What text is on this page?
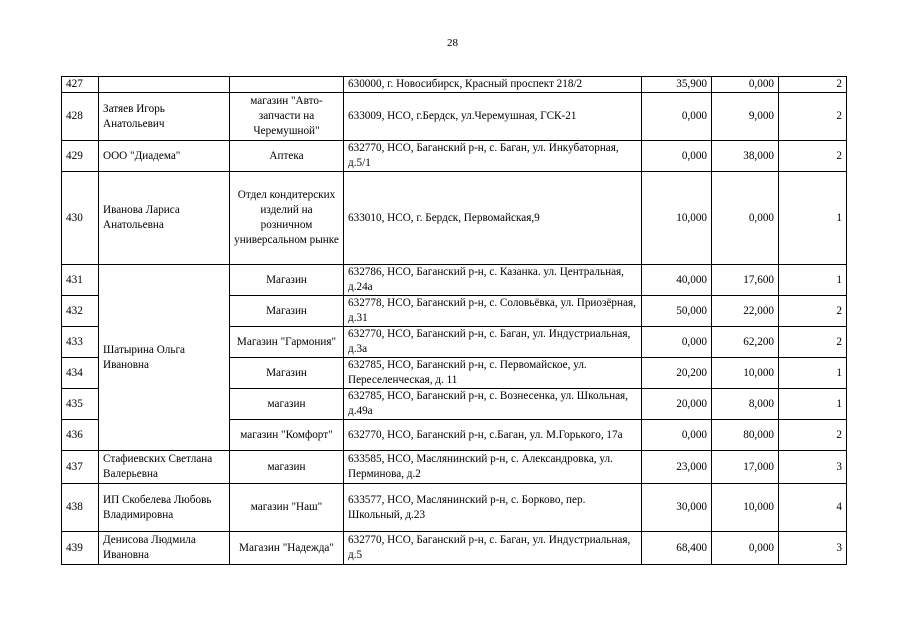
28
427			630000, г. Новосибирск, Красный проспект 218/2	35,900	0,000	2
428	Затяев Игорь Анатольевич	магазин "Авто-запчасти на Черемушной"	633009, НСО, г.Бердск, ул.Черемушная, ГСК-21	0,000	9,000	2
429	ООО "Диадема"	Аптека	632770, НСО, Баганский р-н, с. Баган, ул. Инкубаторная, д.5/1	0,000	38,000	2
430	Иванова Лариса Анатольевна	Отдел кондитерских изделий на розничном универсальном рынке	633010, НСО, г. Бердск, Первомайская,9	10,000	0,000	1
431	Шатырина Ольга Ивановна	Магазин	632786, НСО, Баганский р-н, с. Казанка. ул. Центральная, д.24а	40,000	17,600	1
432		Магазин	632778, НСО, Баганский р-н, с. Соловьёвка, ул. Приозёрная, д.31	50,000	22,000	2
433		Магазин "Гармония"	632770, НСО, Баганский р-н, с. Баган, ул. Индустриальная, д.3а	0,000	62,200	2
434		Магазин	632785, НСО, Баганский р-н, с. Первомайское, ул. Переселенческая, д. 11	20,200	10,000	1
435		магазин	632785, НСО, Баганский р-н, с. Вознесенка, ул. Школьная, д.49а	20,000	8,000	1
436		магазин "Комфорт"	632770, НСО, Баганский р-н, с.Баган, ул. М.Горького, 17а	0,000	80,000	2
437	Стафиевских Светлана Валерьевна	магазин	633585, НСО, Маслянинский р-н, с. Александровка, ул. Перминова, д.2	23,000	17,000	3
438	ИП Скобелева Любовь Владимировна	магазин "Наш"	633577, НСО, Маслянинский р-н, с. Борково, пер. Школьный, д.23	30,000	10,000	4
439	Денисова Людмила Ивановна	Магазин "Надежда"	632770, НСО, Баганский р-н, с. Баган, ул. Индустриальная, д.5	68,400	0,000	3
